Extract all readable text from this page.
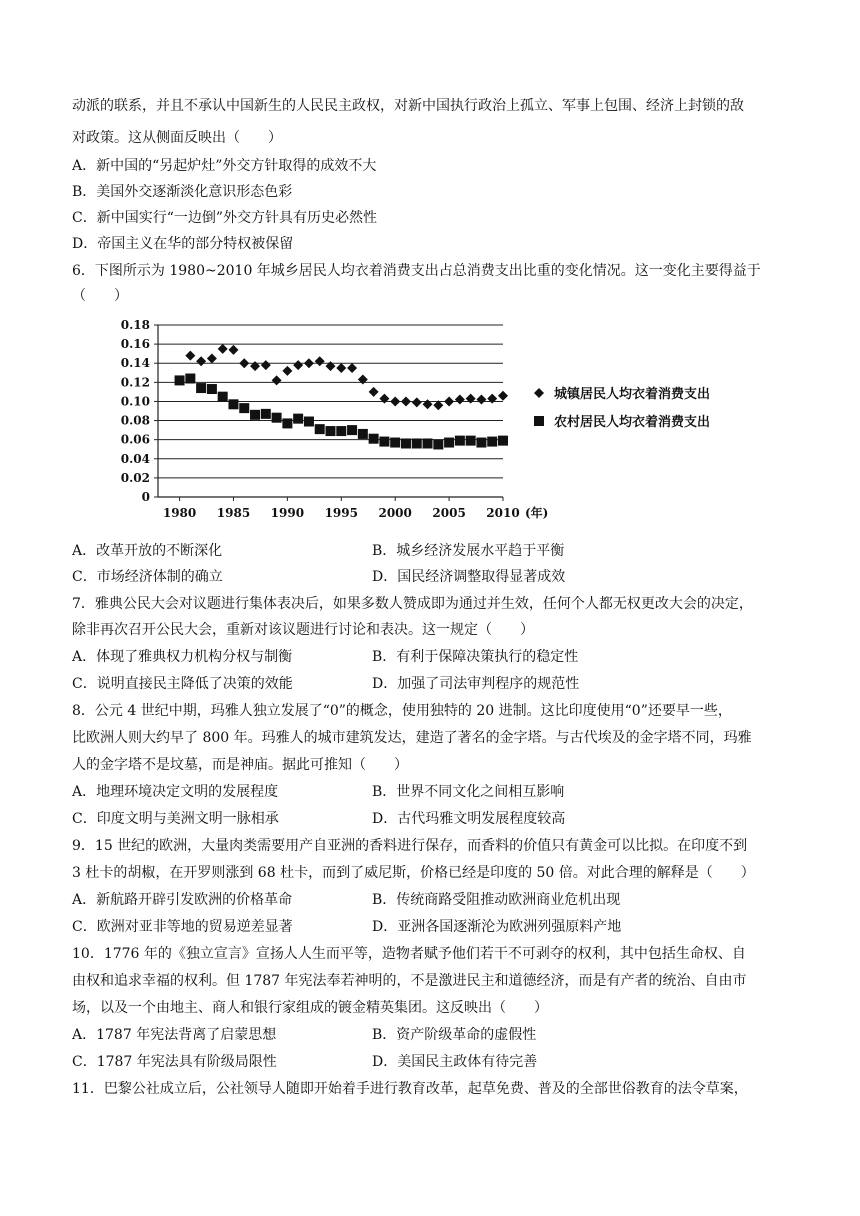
动派的联系，并且不承认中国新生的人民民主政权，对新中国执行政治上孤立、军事上包围、经济上封锁的敌
对政策。这从侧面反映出（　　）
A．新中国的“另起炉灶”外交方针取得的成效不大
B．美国外交逐渐淡化意识形态色彩
C．新中国实行“一边倒”外交方针具有历史必然性
D．帝国主义在华的部分特权被保留
6．下图所示为 1980~2010 年城乡居民人均衣着消费支出占总消费支出比重的变化情况。这一变化主要得益于
（　　）
0
0.02
0.04
0.06
0.08
0.10
0.12
0.14
0.16
0.18
1980 1985 1990 1995 2000 2005 2010 (年)
城镇居民人均衣着消费支出
农村居民人均衣着消费支出
A．改革开放的不断深化	B．城乡经济发展水平趋于平衡
C．市场经济体制的确立	D．国民经济调整取得显著成效
7．雅典公民大会对议题进行集体表决后，如果多数人赞成即为通过并生效，任何个人都无权更改大会的决定，
除非再次召开公民大会，重新对该议题进行讨论和表决。这一规定（　　）
A．体现了雅典权力机构分权与制衡	B．有利于保障决策执行的稳定性
C．说明直接民主降低了决策的效能	D．加强了司法审判程序的规范性
8．公元 4 世纪中期，玛雅人独立发展了“0”的概念，使用独特的 20 进制。这比印度使用“0”还要早一些，
比欧洲人则大约早了 800 年。玛雅人的城市建筑发达，建造了著名的金字塔。与古代埃及的金字塔不同，玛雅
人的金字塔不是坟墓，而是神庙。据此可推知（　　）
A．地理环境决定文明的发展程度	B．世界不同文化之间相互影响
C．印度文明与美洲文明一脉相承	D．古代玛雅文明发展程度较高
9．15 世纪的欧洲，大量肉类需要用产自亚洲的香料进行保存，而香料的价值只有黄金可以比拟。在印度不到
3 杜卡的胡椒，在开罗则涨到 68 杜卡，而到了威尼斯，价格已经是印度的 50 倍。对此合理的解释是（　　）
A．新航路开辟引发欧洲的价格革命	B．传统商路受阻推动欧洲商业危机出现
C．欧洲对亚非等地的贸易逆差显著	D．亚洲各国逐渐沦为欧洲列强原料产地
10．1776 年的《独立宣言》宣扬人人生而平等，造物者赋予他们若干不可剥夺的权利，其中包括生命权、自
由权和追求幸福的权利。但 1787 年宪法奉若神明的，不是激进民主和道德经济，而是有产者的统治、自由市
场，以及一个由地主、商人和银行家组成的镀金精英集团。这反映出（　　）
A．1787 年宪法背离了启蒙思想	B．资产阶级革命的虚假性
C．1787 年宪法具有阶级局限性	D．美国民主政体有待完善
11．巴黎公社成立后，公社领导人随即开始着手进行教育改革，起草免费、普及的全部世俗教育的法令草案，
